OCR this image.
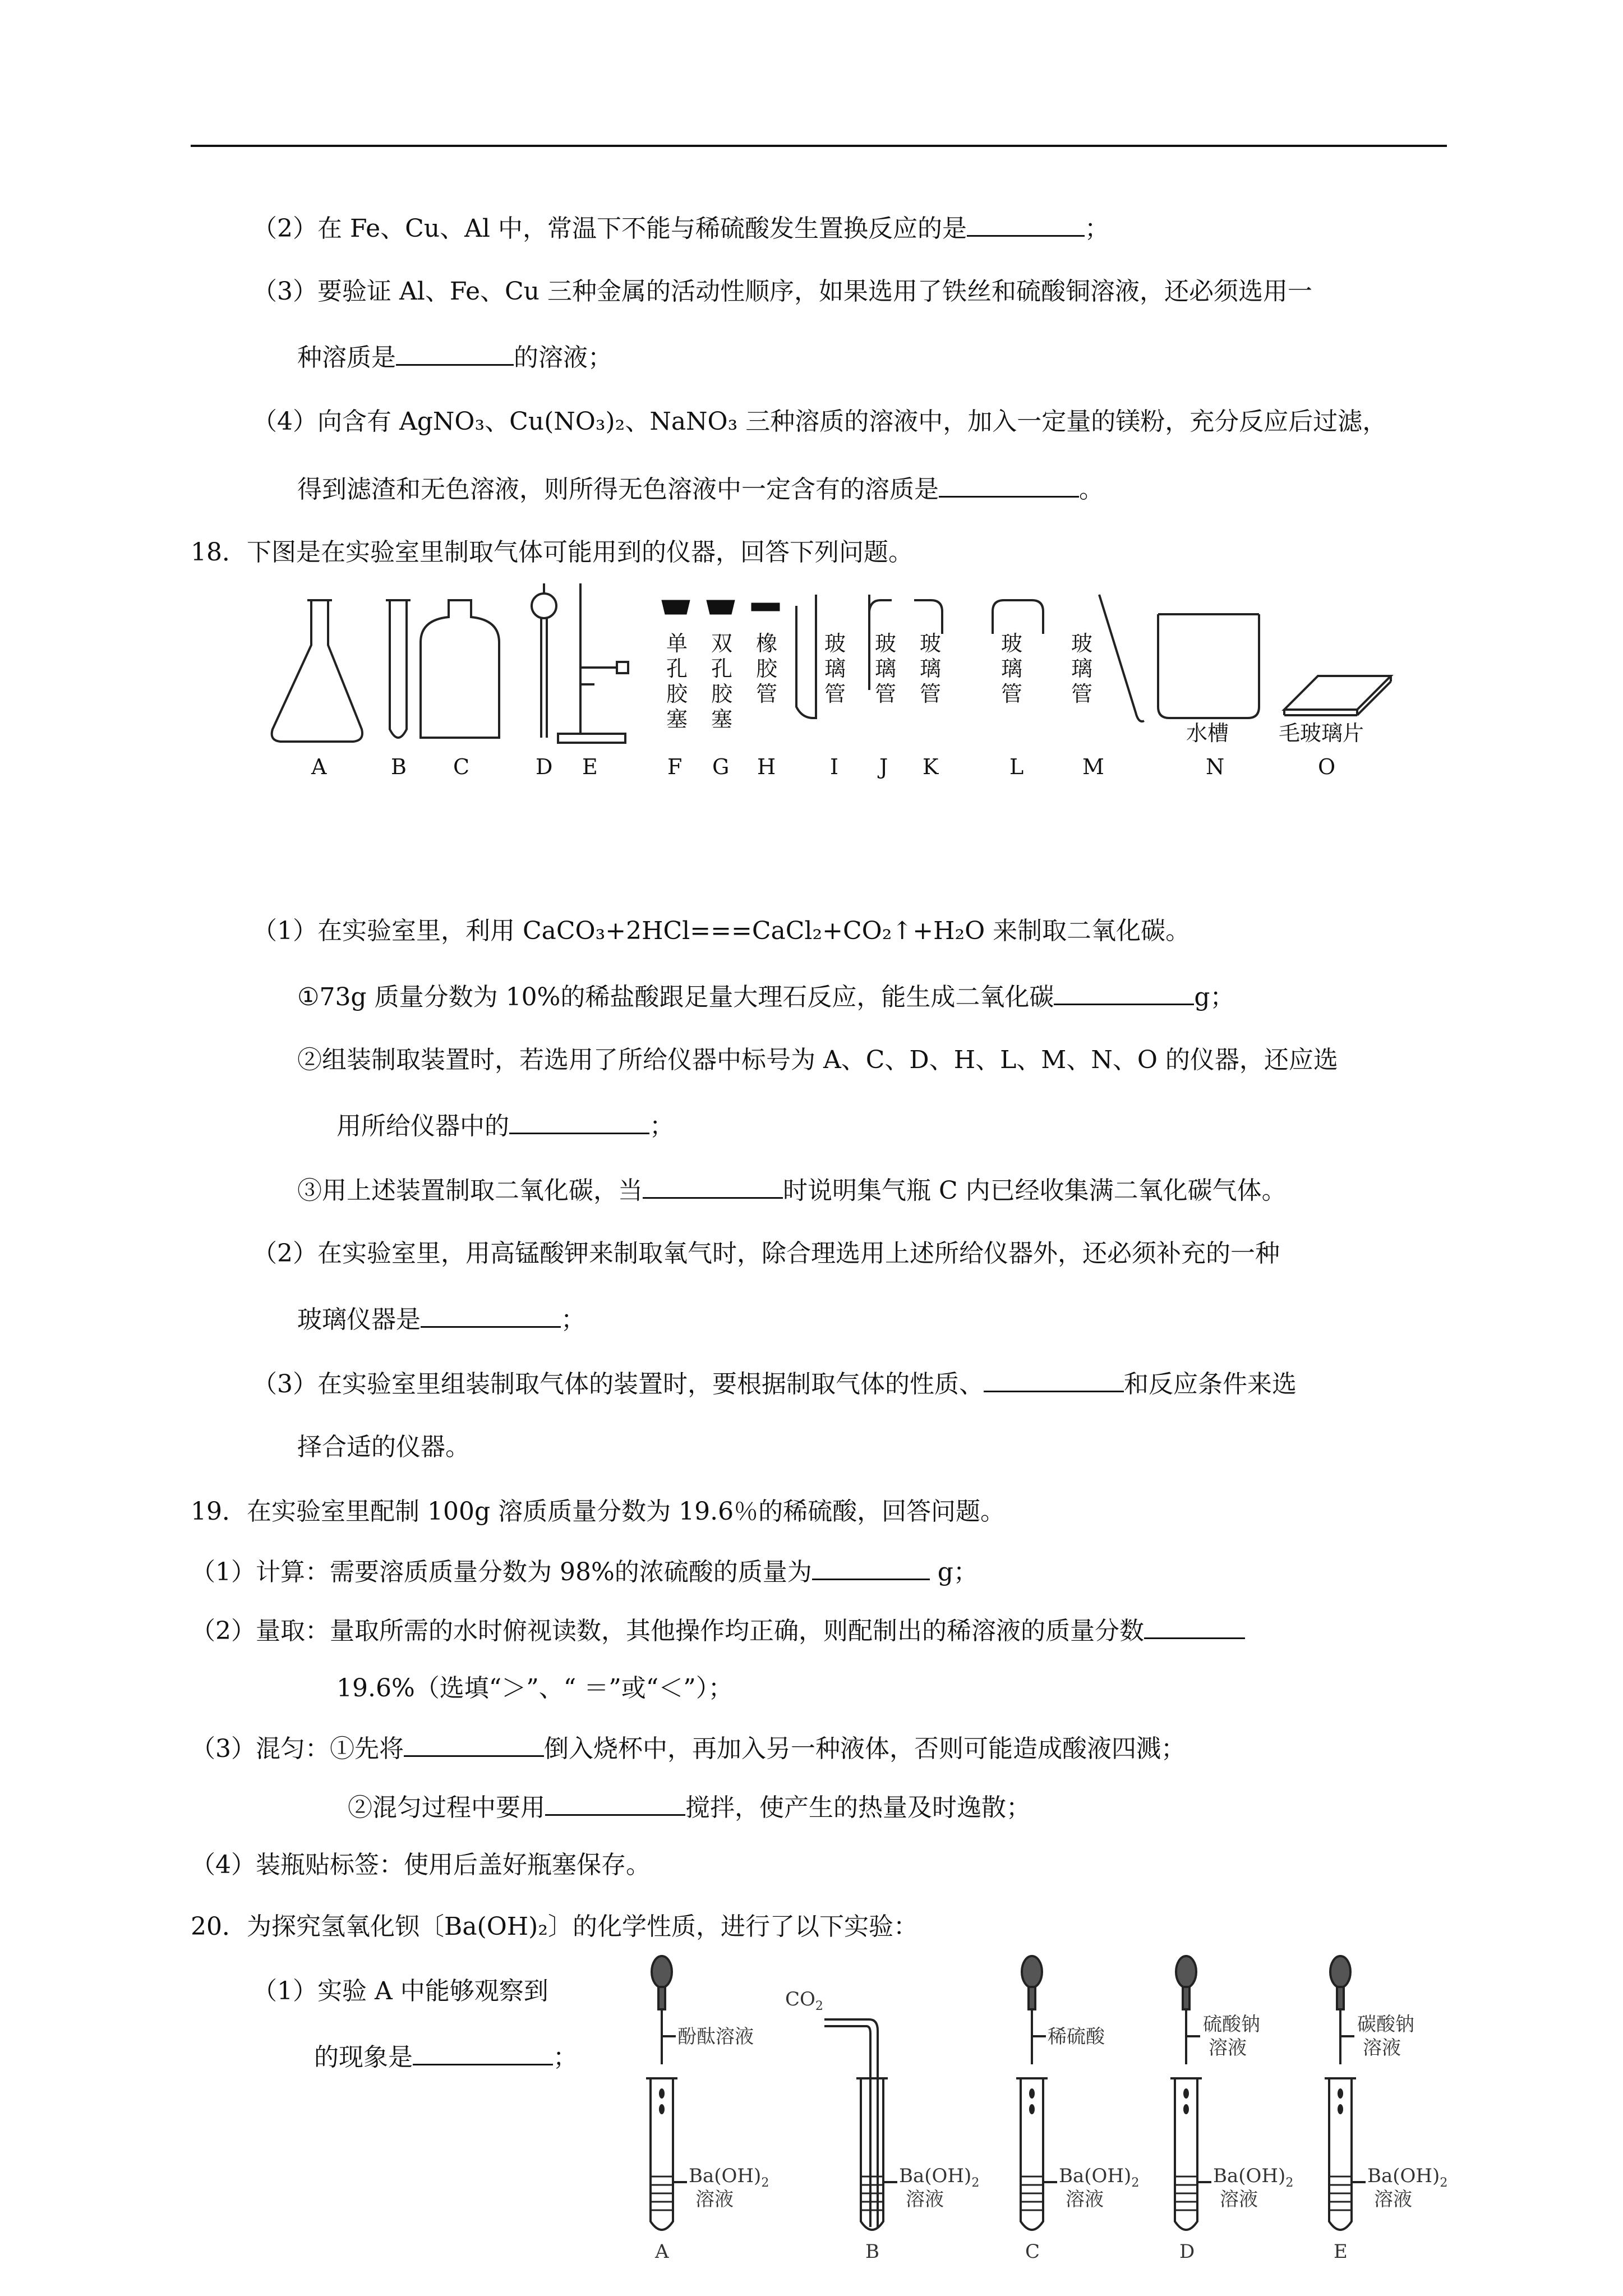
（2）在 Fe、Cu、Al 中，常温下不能与稀硫酸发生置换反应的是	；
（3）要验证 Al、Fe、Cu 三种金属的活动性顺序，如果选用了铁丝和硫酸铜溶液，还必须选用一
种溶质是	的溶液；
（4）向含有 AgNO₃、Cu(NO₃)₂、NaNO₃ 三种溶质的溶液中，加入一定量的镁粉，充分反应后过滤，
得到滤渣和无色溶液，则所得无色溶液中一定含有的溶质是	。
18．下图是在实验室里制取气体可能用到的仪器，回答下列问题。
单
孔
胶
塞
双
孔
胶
塞
橡
胶
管
玻
璃
管
玻
璃
管
玻
璃
管
玻
璃
管
玻
璃
管
水槽 毛玻璃片
A	B C	D E	F G H	I J K	L	M	N	O
（1）在实验室里，利用 CaCO₃+2HCl===CaCl₂+CO₂↑+H₂O 来制取二氧化碳。
①73g 质量分数为 10%的稀盐酸跟足量大理石反应，能生成二氧化碳	g；
②组装制取装置时，若选用了所给仪器中标号为 A、C、D、H、L、M、N、O 的仪器，还应选
用所给仪器中的	；
③用上述装置制取二氧化碳，当	时说明集气瓶 C 内已经收集满二氧化碳气体。
（2）在实验室里，用高锰酸钾来制取氧气时，除合理选用上述所给仪器外，还必须补充的一种
玻璃仪器是	；
（3）在实验室里组装制取气体的装置时，要根据制取气体的性质、	和反应条件来选
择合适的仪器。
19．在实验室里配制 100g 溶质质量分数为 19.6％的稀硫酸，回答问题。
（1）计算：需要溶质质量分数为 98%的浓硫酸的质量为	g；
（2）量取：量取所需的水时俯视读数，其他操作均正确，则配制出的稀溶液的质量分数
19.6%（选填“＞”、“ ＝”或“＜”）；
（3）混匀：①先将	倒入烧杯中，再加入另一种液体，否则可能造成酸液四溅；
②混匀过程中要用	搅拌，使产生的热量及时逸散；
（4）装瓶贴标签：使用后盖好瓶塞保存。
20．为探究氢氧化钡〔Ba(OH)₂〕的化学性质，进行了以下实验：
（1）实验 A 中能够观察到
的现象是	；
酚酞溶液
$CO_2$
稀硫酸
硫酸钠
溶液
碳酸钠
溶液
$Ba(OH)_2$
溶液
$Ba(OH)_2$
溶液
$Ba(OH)_2$
溶液
$Ba(OH)_2$
溶液
$Ba(OH)_2$
溶液
A	B	C	D	E
